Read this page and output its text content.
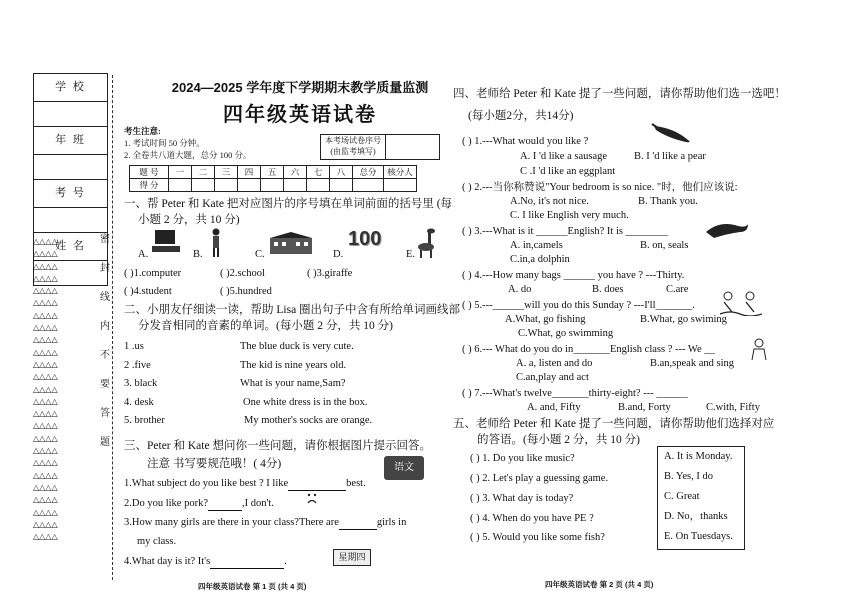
学 校
年 班
考 号
姓 名
△△△△
△△△△
△△△△
△△△△
△△△△
△△△△
△△△△
△△△△
△△△△
△△△△
△△△△
△△△△
△△△△
△△△△
△△△△
△△△△
△△△△
△△△△
△△△△
△△△△
△△△△
△△△△
△△△△
△△△△
△△△△
密
封
线
内
不
要
答
题
2024—2025 学年度下学期期末教学质量监测
四年级英语试卷
考生注意:
1. 考试时间 50 分钟。
2. 全卷共八道大题，总分 100 分。
本考场试卷序号
(由监考填写)
题 号	一	二	三	四	五	六	七	八	总分	核分人
得 分										
一、帮 Peter 和 Kate 把对应图片的序号填在单词前面的括号里 (每
小题 2 分，共 10 分)
A.	B.	C.	D.
100
E.
( )1.computer	( )2.school	( )3.giraffe
( )4.student	( )5.hundred
二、小朋友仔细读一读，帮助 Lisa 圈出句子中含有所给单词画线部
分发音相同的音素的单词。(每小题 2 分，共 10 分)
1 .us	The blue duck is very cute.
2 .five	The kid is nine years old.
3. black	What is your name,Sam?
4. desk	One white dress is in the box.
5. brother	My mother's socks are orange.
三、Peter 和 Kate 想问你一些问题，请你根据图片提示回答。
注意 书写要规范哦！( 4分)	语文
1.What subject do you like best ? I like	best.
2.Do you like pork?	,I don't.
3.How many girls are there in your class?There are	girls in
my class.
4.What day is it? It's	.	星期四
四年级英语试卷 第 1 页 (共 4 页)
四、老师给 Peter 和 Kate 提了一些问题，请你帮助他们选一选吧！
(每小题2分，共14分)
( ) 1.---What would you like ?
A. I 'd like a sausage	B. I 'd like a pear
C .I 'd like an eggplant
( ) 2.---当你称赞说"Your bedroom is so nice. "时，他们应该说:
A.No, it's not nice.	B. Thank you.
C. I like English very much.
( ) 3.---What is it ______English? It is ________
A. in,camels	B. on, seals
C.in,a dolphin
( ) 4.---How many bags ______ you have ? ---Thirty.
A. do	B. does	C.are
( ) 5.---______will you do this Sunday ? ---I'll_______.
A.What, go fishing	B.What, go swiming
C.What, go swimming
( ) 6.--- What do you do in_______English class ? --- We __
A. a, listen and do	B.an,speak and sing
C.an,play and act
( ) 7.---What's twelve_______thirty-eight? --- ______
A. and, Fifty	B.and, Forty	C.with, Fifty
五、老师给 Peter 和 Kate 提了一些问题，请你帮助他们选择对应
的答语。(每小题 2 分，共 10 分)
( ) 1. Do you like music?
( ) 2. Let's play a guessing game.
( ) 3. What day is today?
( ) 4. When do you have PE ?
( ) 5. Would you like some fish?
A. It is Monday.
B. Yes, I do
C. Great
D. No，thanks
E. On Tuesdays.
四年级英语试卷 第 2 页 (共 4 页)
